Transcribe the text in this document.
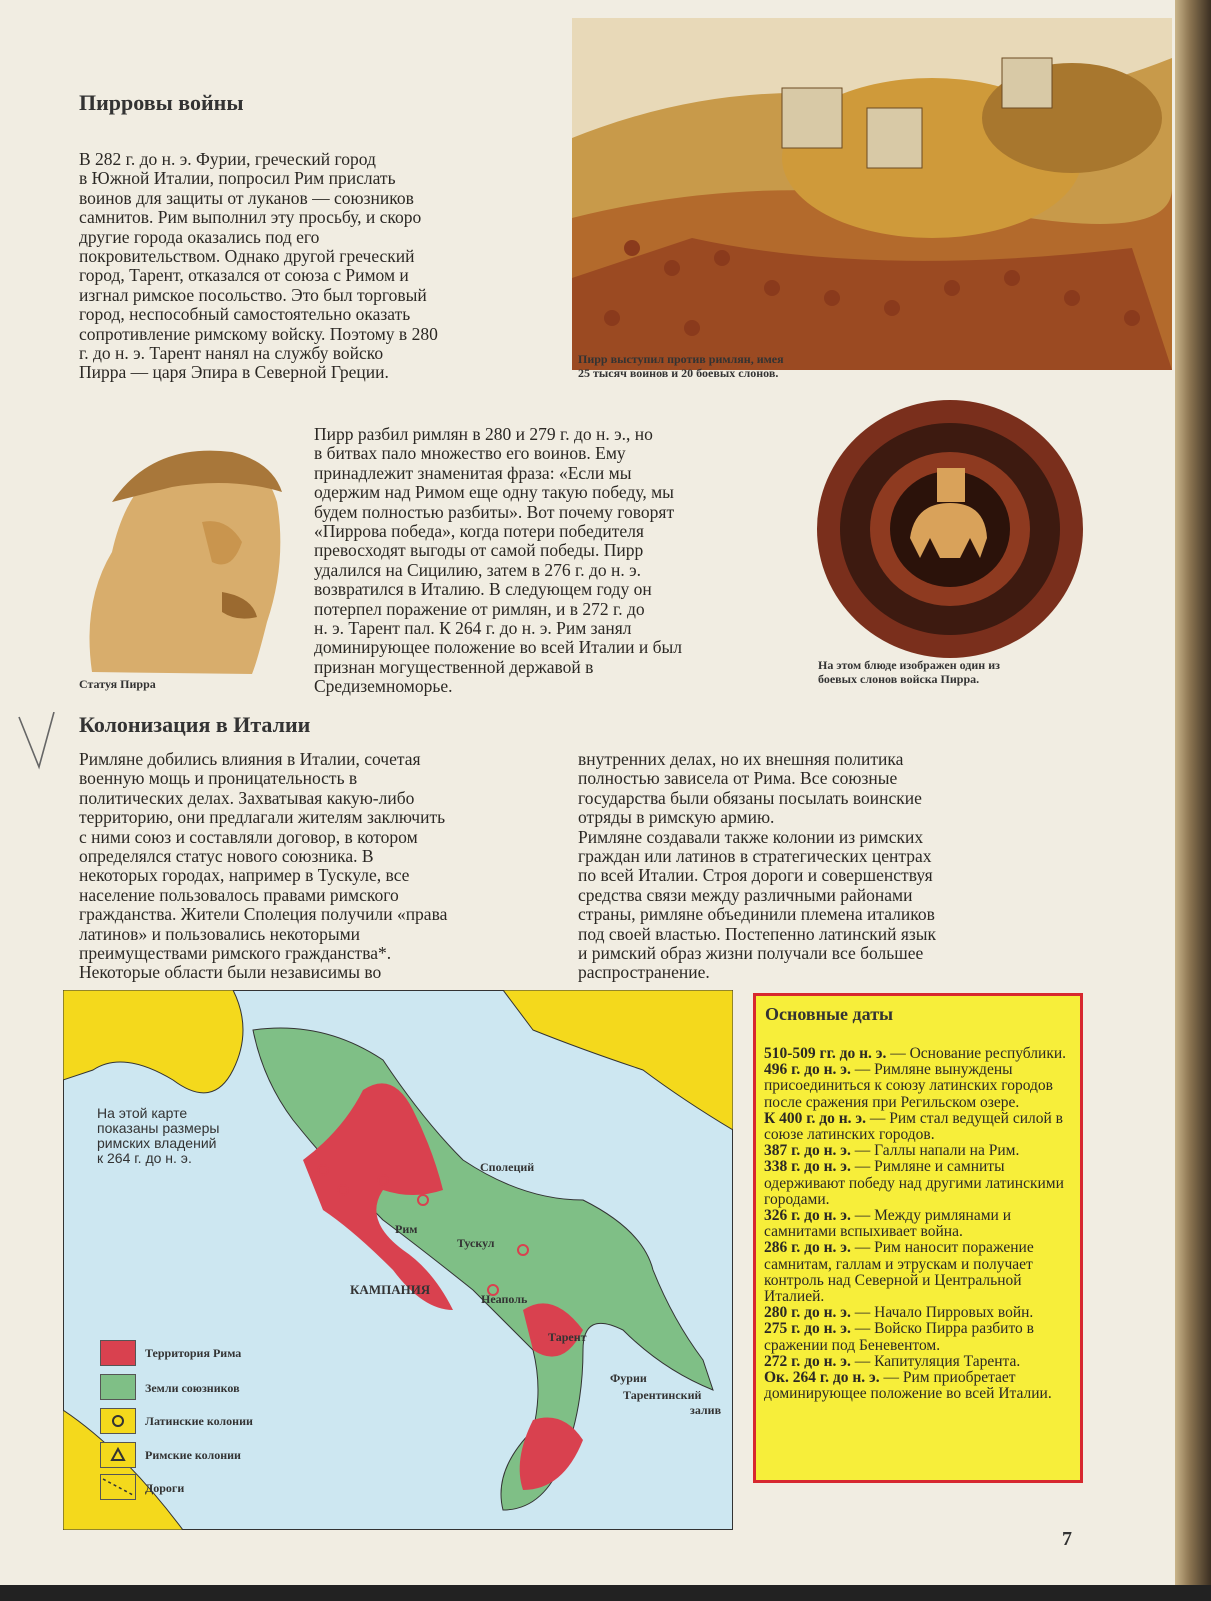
Пирровы войны
В 282 г. до н. э. Фурии, греческий город
в Южной Италии, попросил Рим прислать
воинов для защиты от луканов — союзников
самнитов. Рим выполнил эту просьбу, и скоро
другие города оказались под его
покровительством. Однако другой греческий
город, Тарент, отказался от союза с Римом и
изгнал римское посольство. Это был торговый
город, неспособный самостоятельно оказать
сопротивление римскому войску. Поэтому в 280
г. до н. э. Тарент нанял на службу войско
Пирра — царя Эпира в Северной Греции.
Пирр выступил против римлян, имея
25 тысяч воинов и 20 боевых слонов.
Статуя Пирра
Пирр разбил римлян в 280 и 279 г. до н. э., но
в битвах пало множество его воинов. Ему
принадлежит знаменитая фраза: «Если мы
одержим над Римом еще одну такую победу, мы
будем полностью разбиты». Вот почему говорят
«Пиррова победа», когда потери победителя
превосходят выгоды от самой победы. Пирр
удалился на Сицилию, затем в 276 г. до н. э.
возвратился в Италию. В следующем году он
потерпел поражение от римлян, и в 272 г. до
н. э. Тарент пал. К 264 г. до н. э. Рим занял
доминирующее положение во всей Италии и был
признан могущественной державой в
Средиземноморье.
На этом блюде изображен один из
боевых слонов войска Пирра.
Колонизация в Италии
Римляне добились влияния в Италии, сочетая
военную мощь и проницательность в
политических делах. Захватывая какую-либо
территорию, они предлагали жителям заключить
с ними союз и составляли договор, в котором
определялся статус нового союзника. В
некоторых городах, например в Тускуле, все
население пользовалось правами римского
гражданства. Жители Сполеция получили «права
латинов» и пользовались некоторыми
преимуществами римского гражданства*.
Некоторые области были независимы во
внутренних делах, но их внешняя политика
полностью зависела от Рима. Все союзные
государства были обязаны посылать воинские
отряды в римскую армию.
Римляне создавали также колонии из римских
граждан или латинов в стратегических центрах
по всей Италии. Строя дороги и совершенствуя
средства связи между различными районами
страны, римляне объединили племена италиков
под своей властью. Постепенно латинский язык
и римский образ жизни получали все большее
распространение.
На этой карте
показаны размеры
римских владений
к 264 г. до н. э.
Сполеций
Рим
Тускул
КАМПАНИЯ
Неаполь
Тарент
Фурии
Тарентинский
залив
Территория Рима
Земли союзников
Латинские колонии
Римские колонии
Дороги
Основные даты
510-509 гг. до н. э. — Основание республики.
496 г. до н. э. — Римляне вынуждены присоединиться к союзу латинских городов после сражения при Регильском озере.
К 400 г. до н. э. — Рим стал ведущей силой в союзе латинских городов.
387 г. до н. э. — Галлы напали на Рим.
338 г. до н. э. — Римляне и самниты одерживают победу над другими латинскими городами.
326 г. до н. э. — Между римлянами и самнитами вспыхивает война.
286 г. до н. э. — Рим наносит поражение самнитам, галлам и этрускам и получает контроль над Северной и Центральной Италией.
280 г. до н. э. — Начало Пирровых войн.
275 г. до н. э. — Войско Пирра разбито в сражении под Беневентом.
272 г. до н. э. — Капитуляция Тарента.
Ок. 264 г. до н. э. — Рим приобретает доминирующее положение во всей Италии.
7
